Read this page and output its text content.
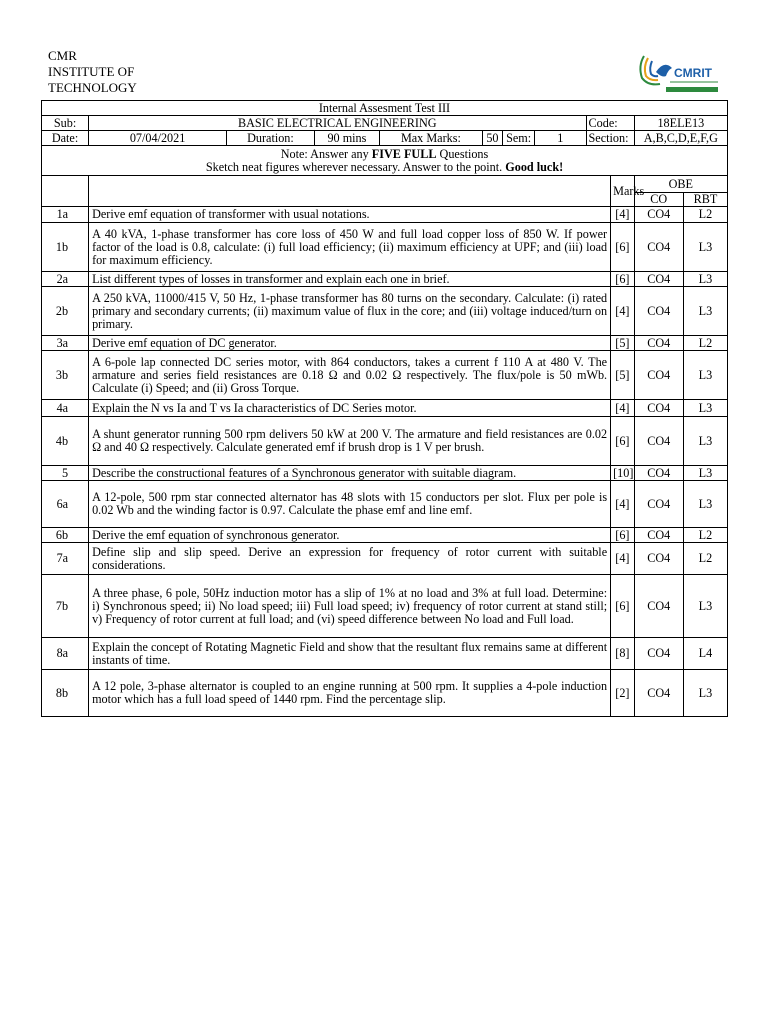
CMR
INSTITUTE OF
TECHNOLOGY
CMRIT
Internal Assesment Test III											
Sub:	BASIC ELECTRICAL ENGINEERING							Code:		18ELE13	
Date:	07/04/2021	Duration:	90 mins	Max Marks:	50	Sem:	1	Section:		A,B,C,D,E,F,G	

Note: Answer any FIVE FULL Questions
Sketch neat figures wherever necessary. Answer to the point. Good luck!											

									Marks	OBE	
										CO	RBT
1a	Derive emf equation of transformer with usual notations.								[4]	CO4	L2
1b	A 40 kVA, 1-phase transformer has core loss of 450 W and full load copper loss of 850 W. If power factor of the load is 0.8, calculate: (i) full load efficiency; (ii) maximum efficiency at UPF; and (iii) load for maximum efficiency.								[6]	CO4	L3
2a	List different types of losses in transformer and explain each one in brief.								[6]	CO4	L3
2b	A 250 kVA, 11000/415 V, 50 Hz, 1-phase transformer has 80 turns on the secondary. Calculate: (i) rated primary and secondary currents; (ii) maximum value of flux in the core; and (iii) voltage induced/turn on primary.								[4]	CO4	L3
3a	Derive emf equation of DC generator.								[5]	CO4	L2
3b	A 6-pole lap connected DC series motor, with 864 conductors, takes a current f 110 A at 480 V. The armature and series field resistances are 0.18 Ω and 0.02 Ω respectively. The flux/pole is 50 mWb. Calculate (i) Speed; and (ii) Gross Torque.								[5]	CO4	L3
4a	Explain the N vs Ia and T vs Ia characteristics of DC Series motor.								[4]	CO4	L3
4b	A shunt generator running 500 rpm delivers 50 kW at 200 V. The armature and field resistances are 0.02 Ω and 40 Ω respectively. Calculate generated emf if brush drop is 1 V per brush.								[6]	CO4	L3
5	Describe the constructional features of a Synchronous generator with suitable diagram.								[10]	CO4	L3
6a	A 12-pole, 500 rpm star connected alternator has 48 slots with 15 conductors per slot. Flux per pole is 0.02 Wb and the winding factor is 0.97. Calculate the phase emf and line emf.								[4]	CO4	L3
6b	Derive the emf equation of synchronous generator.								[6]	CO4	L2
7a	Define slip and slip speed. Derive an expression for frequency of rotor current with suitable considerations.								[4]	CO4	L2
7b	A three phase, 6 pole, 50Hz induction motor has a slip of 1% at no load and 3% at full load. Determine: i) Synchronous speed; ii) No load speed; iii) Full load speed; iv) frequency of rotor current at stand still; v) Frequency of rotor current at full load; and (vi) speed difference between No load and Full load.								[6]	CO4	L3
8a	Explain the concept of Rotating Magnetic Field and show that the resultant flux remains same at different instants of time.								[8]	CO4	L4
8b	A 12 pole, 3-phase alternator is coupled to an engine running at 500 rpm. It supplies a 4-pole induction motor which has a full load speed of 1440 rpm. Find the percentage slip.								[2]	CO4	L3
